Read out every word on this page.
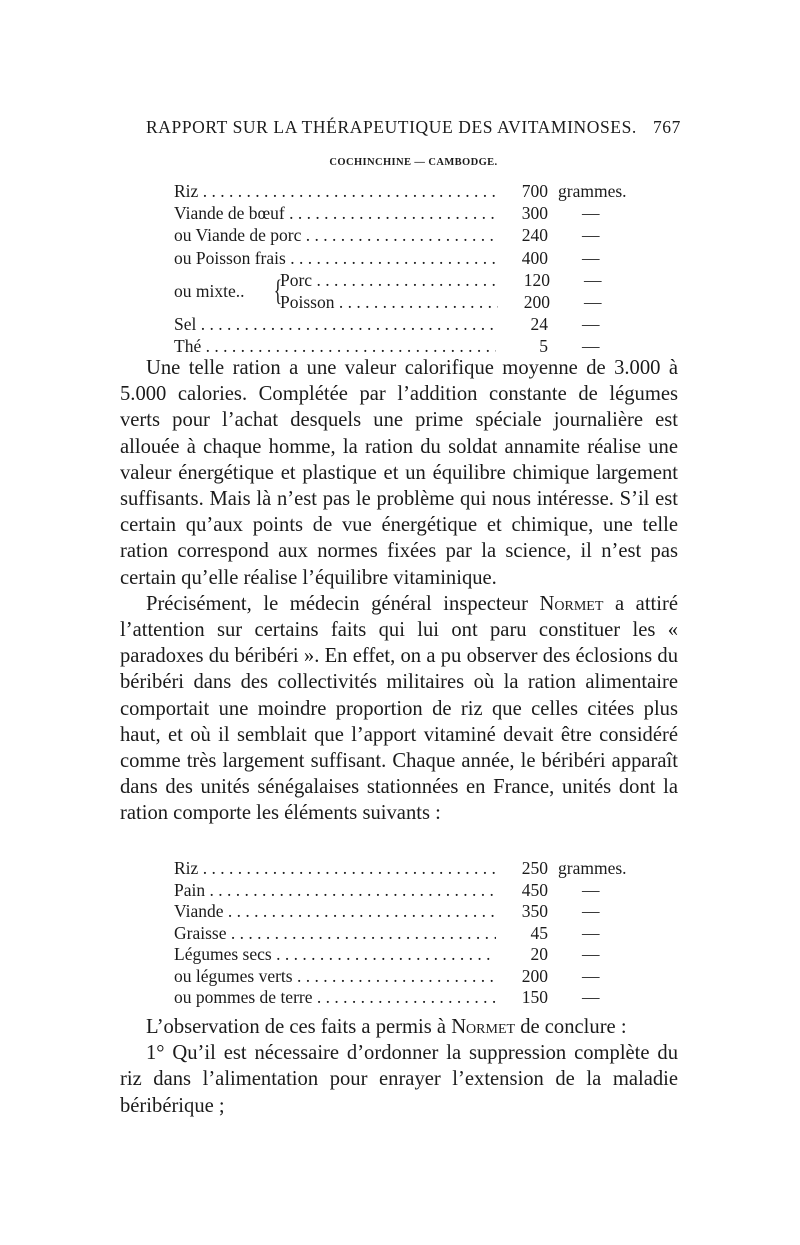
RAPPORT SUR LA THÉRAPEUTIQUE DES AVITAMINOSES. 767
COCHINCHINE — CAMBODGE.
Riz . . .	700 grammes.
Viande de bœuf . . .	300	—
ou Viande de porc . . .	240	—
ou Poisson frais . . .	400	—
ou mixte.. {
Porc . . .	120	—
Poisson . . .	200	—
Sel . . .	24	—
Thé . . .	5	—

Une telle ration a une valeur calorifique moyenne de 3.000 à 5.000 calories. Complétée par l’addition constante de légumes verts pour l’achat desquels une prime spéciale journalière est allouée à chaque homme, la ration du soldat annamite réalise une valeur énergétique et plastique et un équilibre chimique largement suffisants. Mais là n’est pas le problème qui nous intéresse. S’il est certain qu’aux points de vue énergétique et chimique, une telle ration correspond aux normes fixées par la science, il n’est pas certain qu’elle réalise l’équilibre vitaminique.

Précisément, le médecin général inspecteur Normet a attiré l’attention sur certains faits qui lui ont paru constituer les « paradoxes du béribéri ». En effet, on a pu observer des éclosions du béribéri dans des collectivités militaires où la ration alimentaire comportait une moindre proportion de riz que celles citées plus haut, et où il semblait que l’apport vitaminé devait être considéré comme très largement suffisant. Chaque année, le béribéri apparaît dans des unités sénégalaises stationnées en France, unités dont la ration comporte les éléments suivants :

Riz . . .	250 grammes.
Pain . . .	450	—
Viande . . .	350	—
Graisse . . .	45	—
Légumes secs . . .	20	—
ou légumes verts . . .	200	—
ou pommes de terre . . .	150	—

L’observation de ces faits a permis à Normet de conclure :

1° Qu’il est nécessaire d’ordonner la suppression complète du riz dans l’alimentation pour enrayer l’extension de la maladie béribérique ;
